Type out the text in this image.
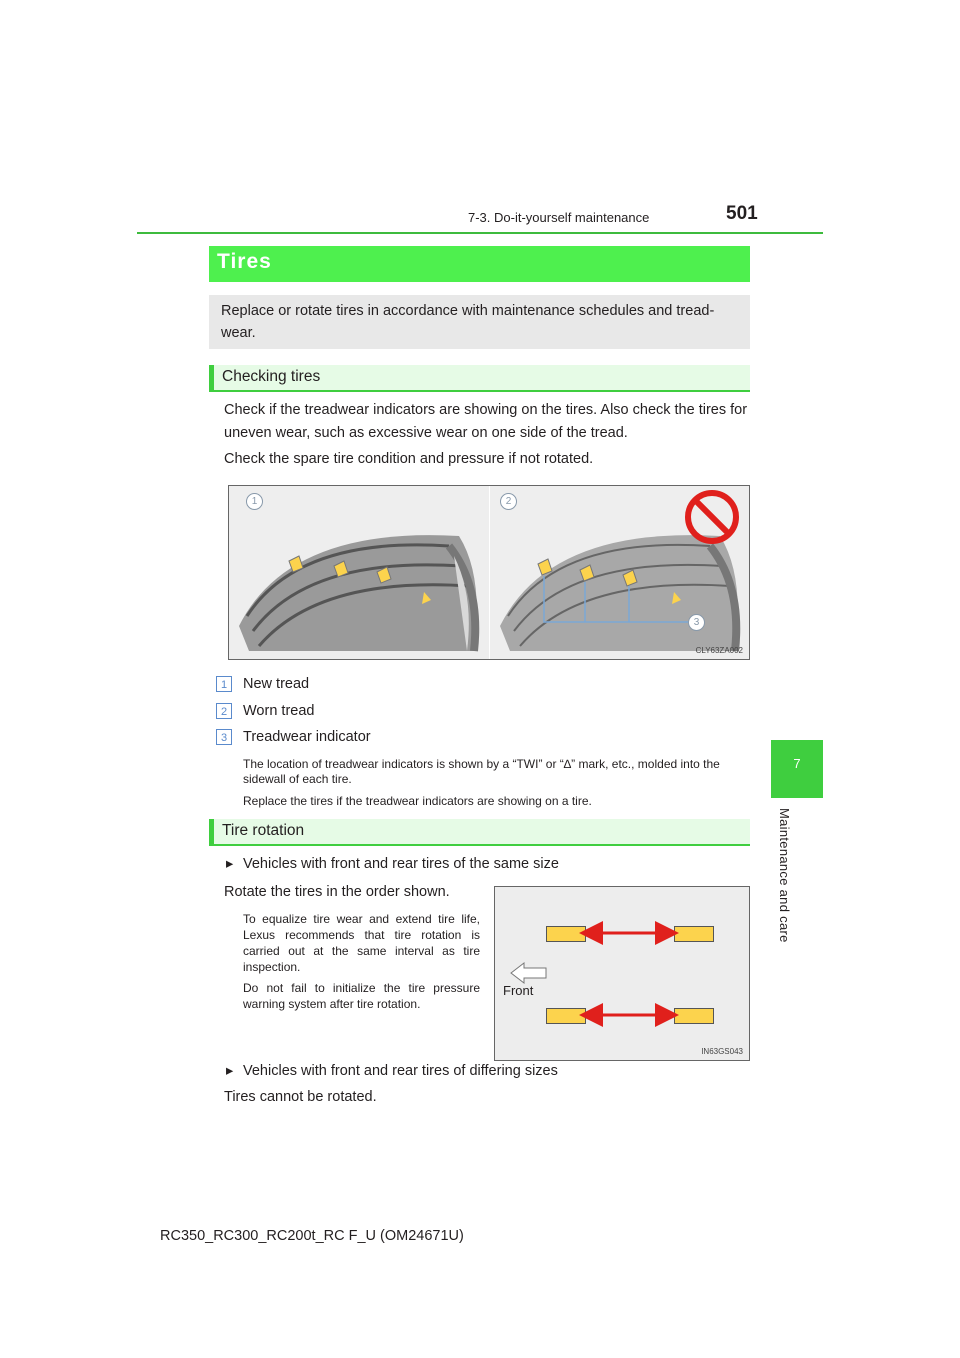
7-3. Do-it-yourself maintenance	501
7
Maintenance and care
Tires
Replace or rotate tires in accordance with maintenance schedules and tread-wear.
Checking tires
Check if the treadwear indicators are showing on the tires. Also check the tires for uneven wear, such as excessive wear on one side of the tread.
Check the spare tire condition and pressure if not rotated.
1	2
3
CLY63ZA002
1	New tread
2	Worn tread
3	Treadwear indicator
The location of treadwear indicators is shown by a “TWI” or “∆” mark, etc., molded into the sidewall of each tire.
Replace the tires if the treadwear indicators are showing on a tire.
Tire rotation
▸ Vehicles with front and rear tires of the same size
Rotate the tires in the order shown.
To equalize tire wear and extend tire life, Lexus recommends that tire rotation is carried out at the same interval as tire inspection.
Do not fail to initialize the tire pressure warning system after tire rotation.
Front
IN63GS043
▸ Vehicles with front and rear tires of differing sizes
Tires cannot be rotated.
RC350_RC300_RC200t_RC F_U (OM24671U)
